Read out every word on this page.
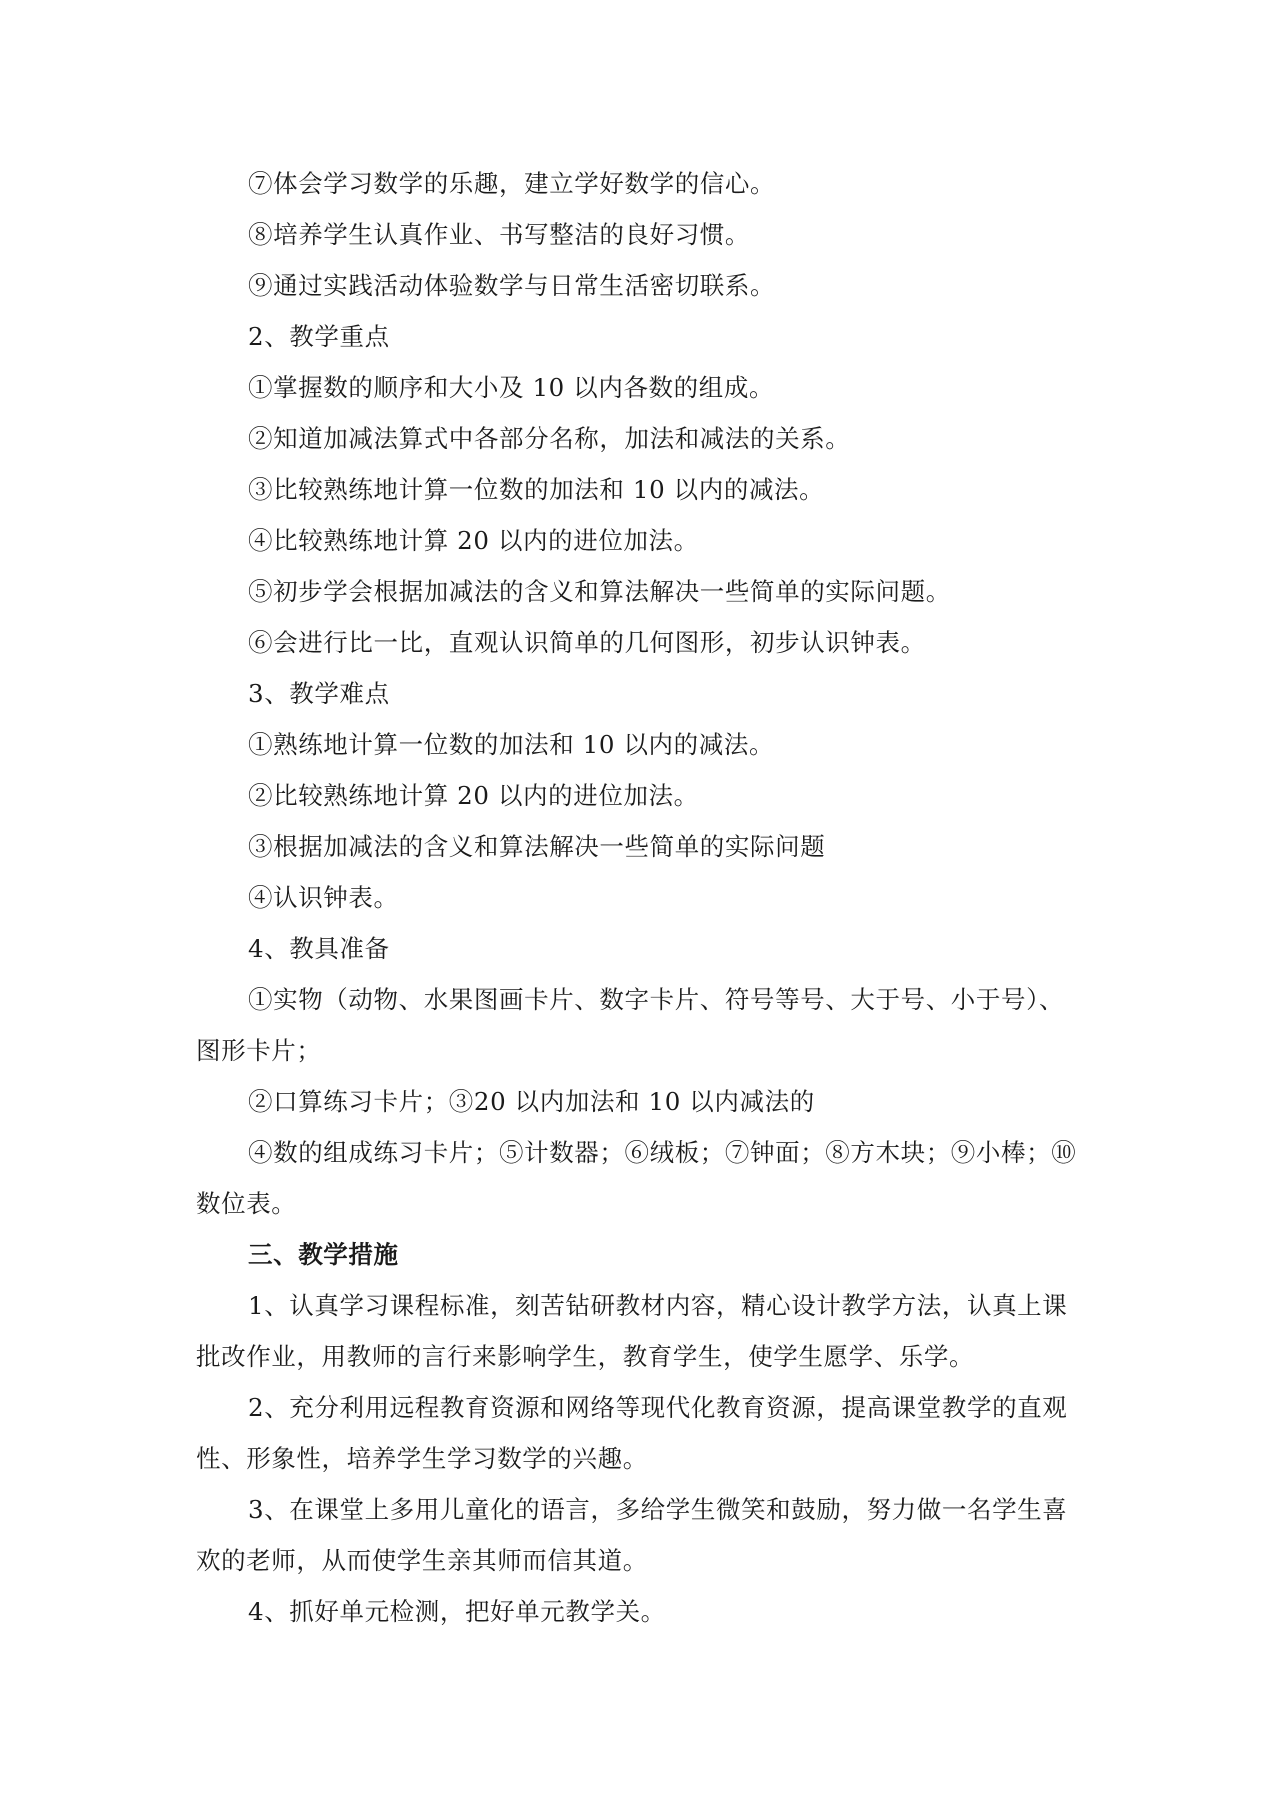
⑦体会学习数学的乐趣，建立学好数学的信心。
⑧培养学生认真作业、书写整洁的良好习惯。
⑨通过实践活动体验数学与日常生活密切联系。
2、教学重点
①掌握数的顺序和大小及 10 以内各数的组成。
②知道加减法算式中各部分名称，加法和减法的关系。
③比较熟练地计算一位数的加法和 10 以内的减法。
④比较熟练地计算 20 以内的进位加法。
⑤初步学会根据加减法的含义和算法解决一些简单的实际问题。
⑥会进行比一比，直观认识简单的几何图形，初步认识钟表。
3、教学难点
①熟练地计算一位数的加法和 10 以内的减法。
②比较熟练地计算 20 以内的进位加法。
③根据加减法的含义和算法解决一些简单的实际问题
④认识钟表。
4、教具准备
①实物（动物、水果图画卡片、数字卡片、符号等号、大于号、小于号）、
图形卡片；
②口算练习卡片；③20 以内加法和 10 以内减法的
④数的组成练习卡片；⑤计数器；⑥绒板；⑦钟面；⑧方木块；⑨小棒；⑩
数位表。
三、教学措施
1、认真学习课程标准，刻苦钻研教材内容，精心设计教学方法，认真上课
批改作业，用教师的言行来影响学生，教育学生，使学生愿学、乐学。
2、充分利用远程教育资源和网络等现代化教育资源，提高课堂教学的直观
性、形象性，培养学生学习数学的兴趣。
3、在课堂上多用儿童化的语言，多给学生微笑和鼓励，努力做一名学生喜
欢的老师，从而使学生亲其师而信其道。
4、抓好单元检测，把好单元教学关。
